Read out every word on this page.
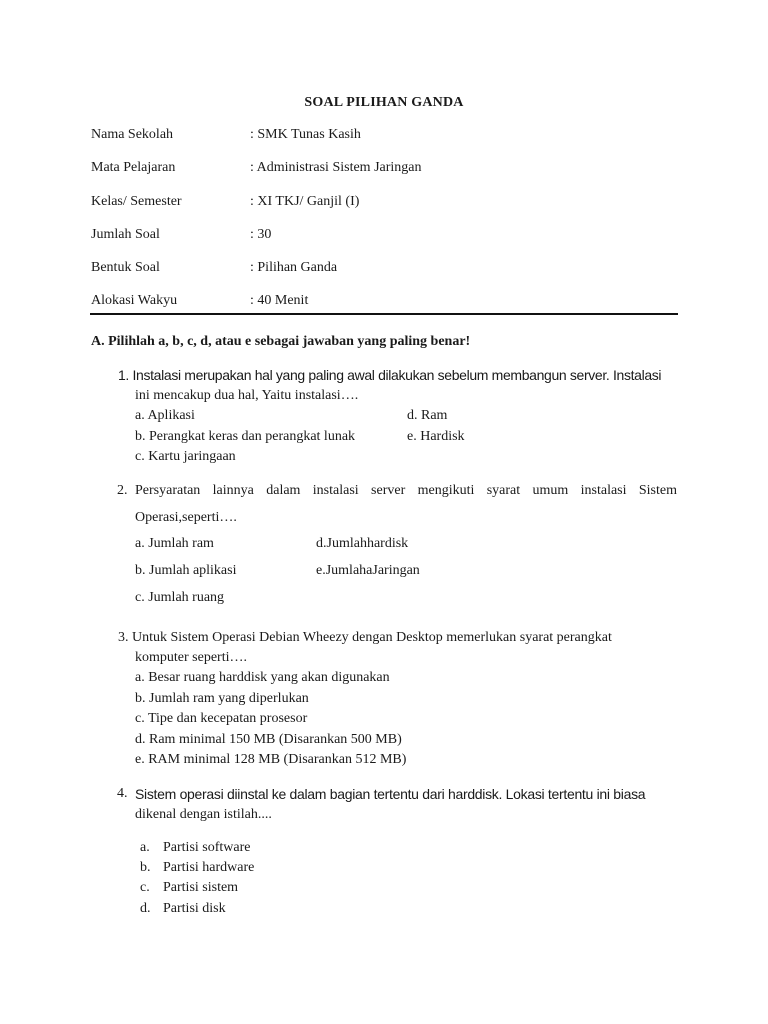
SOAL PILIHAN GANDA
Nama Sekolah	: SMK Tunas Kasih
Mata Pelajaran	: Administrasi Sistem Jaringan
Kelas/ Semester	: XI TKJ/ Ganjil (I)
Jumlah Soal	: 30
Bentuk Soal	: Pilihan Ganda
Alokasi Wakyu	: 40 Menit
A. Pilihlah a, b, c, d, atau e sebagai jawaban yang paling benar!
1. Instalasi merupakan hal yang paling awal dilakukan sebelum membangun server. Instalasi
ini mencakup dua hal, Yaitu instalasi….
a. Aplikasi
b. Perangkat keras dan perangkat lunak
c. Kartu jaringaan
d. Ram
e. Hardisk
2. Persyaratan lainnya dalam instalasi server mengikuti syarat umum instalasi Sistem
Operasi,seperti….
a. Jumlah ram
b. Jumlah aplikasi
c. Jumlah ruang
d.Jumlahhardisk
e.JumlahaJaringan
3. Untuk Sistem Operasi Debian Wheezy dengan Desktop memerlukan syarat perangkat
komputer seperti….
a. Besar ruang harddisk yang akan digunakan
b. Jumlah ram yang diperlukan
c. Tipe dan kecepatan prosesor
d. Ram minimal 150 MB (Disarankan 500 MB)
e. RAM minimal 128 MB (Disarankan 512 MB)
4. Sistem operasi diinstal ke dalam bagian tertentu dari harddisk. Lokasi tertentu ini biasa
dikenal dengan istilah....
a. Partisi software
b. Partisi hardware
c. Partisi sistem
d. Partisi disk
